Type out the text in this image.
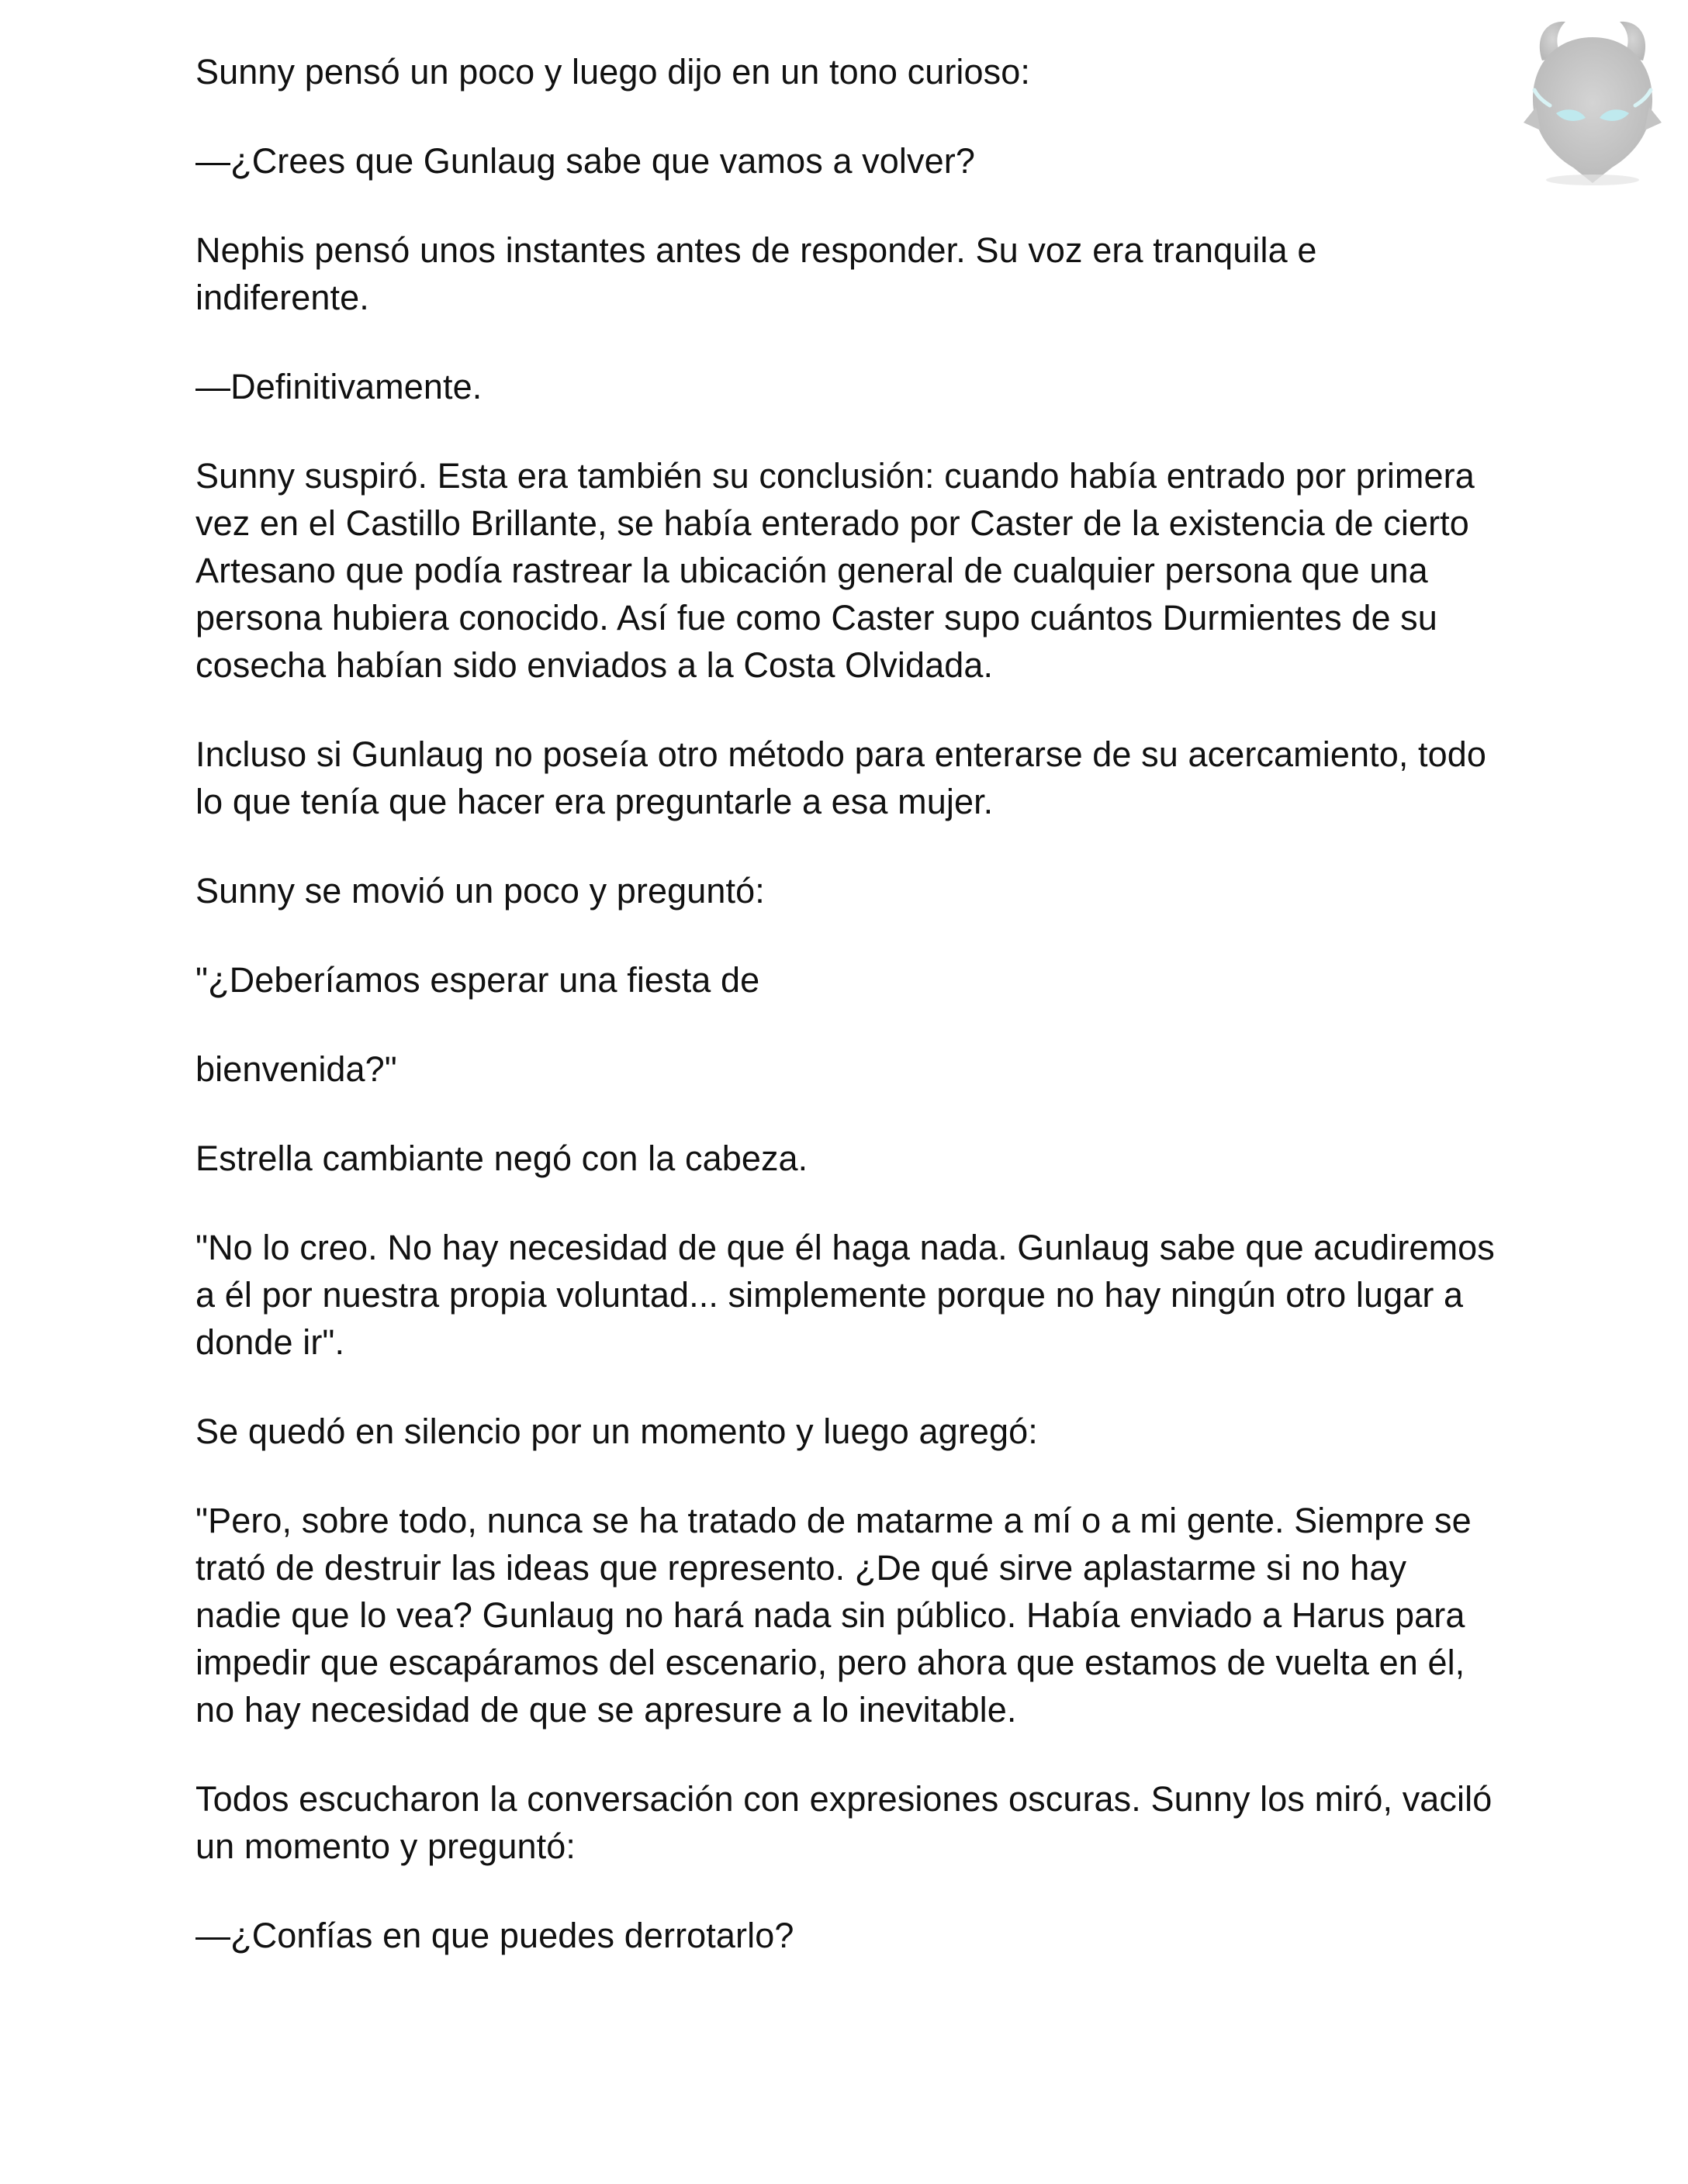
Sunny pensó un poco y luego dijo en un tono curioso:

—¿Crees que Gunlaug sabe que vamos a volver?

Nephis pensó unos instantes antes de responder. Su voz era tranquila e indiferente.

—Definitivamente.

Sunny suspiró. Esta era también su conclusión: cuando había entrado por primera vez en el Castillo Brillante, se había enterado por Caster de la existencia de cierto Artesano que podía rastrear la ubicación general de cualquier persona que una persona hubiera conocido. Así fue como Caster supo cuántos Durmientes de su cosecha habían sido enviados a la Costa Olvidada.

Incluso si Gunlaug no poseía otro método para enterarse de su acercamiento, todo lo que tenía que hacer era preguntarle a esa mujer.

Sunny se movió un poco y preguntó:

"¿Deberíamos esperar una fiesta de

bienvenida?"

Estrella cambiante negó con la cabeza.

"No lo creo. No hay necesidad de que él haga nada. Gunlaug sabe que acudiremos a él por nuestra propia voluntad... simplemente porque no hay ningún otro lugar a donde ir".

Se quedó en silencio por un momento y luego agregó:

"Pero, sobre todo, nunca se ha tratado de matarme a mí o a mi gente. Siempre se trató de destruir las ideas que represento. ¿De qué sirve aplastarme si no hay nadie que lo vea? Gunlaug no hará nada sin público. Había enviado a Harus para impedir que escapáramos del escenario, pero ahora que estamos de vuelta en él, no hay necesidad de que se apresure a lo inevitable.

Todos escucharon la conversación con expresiones oscuras. Sunny los miró, vaciló un momento y preguntó:

—¿Confías en que puedes derrotarlo?
